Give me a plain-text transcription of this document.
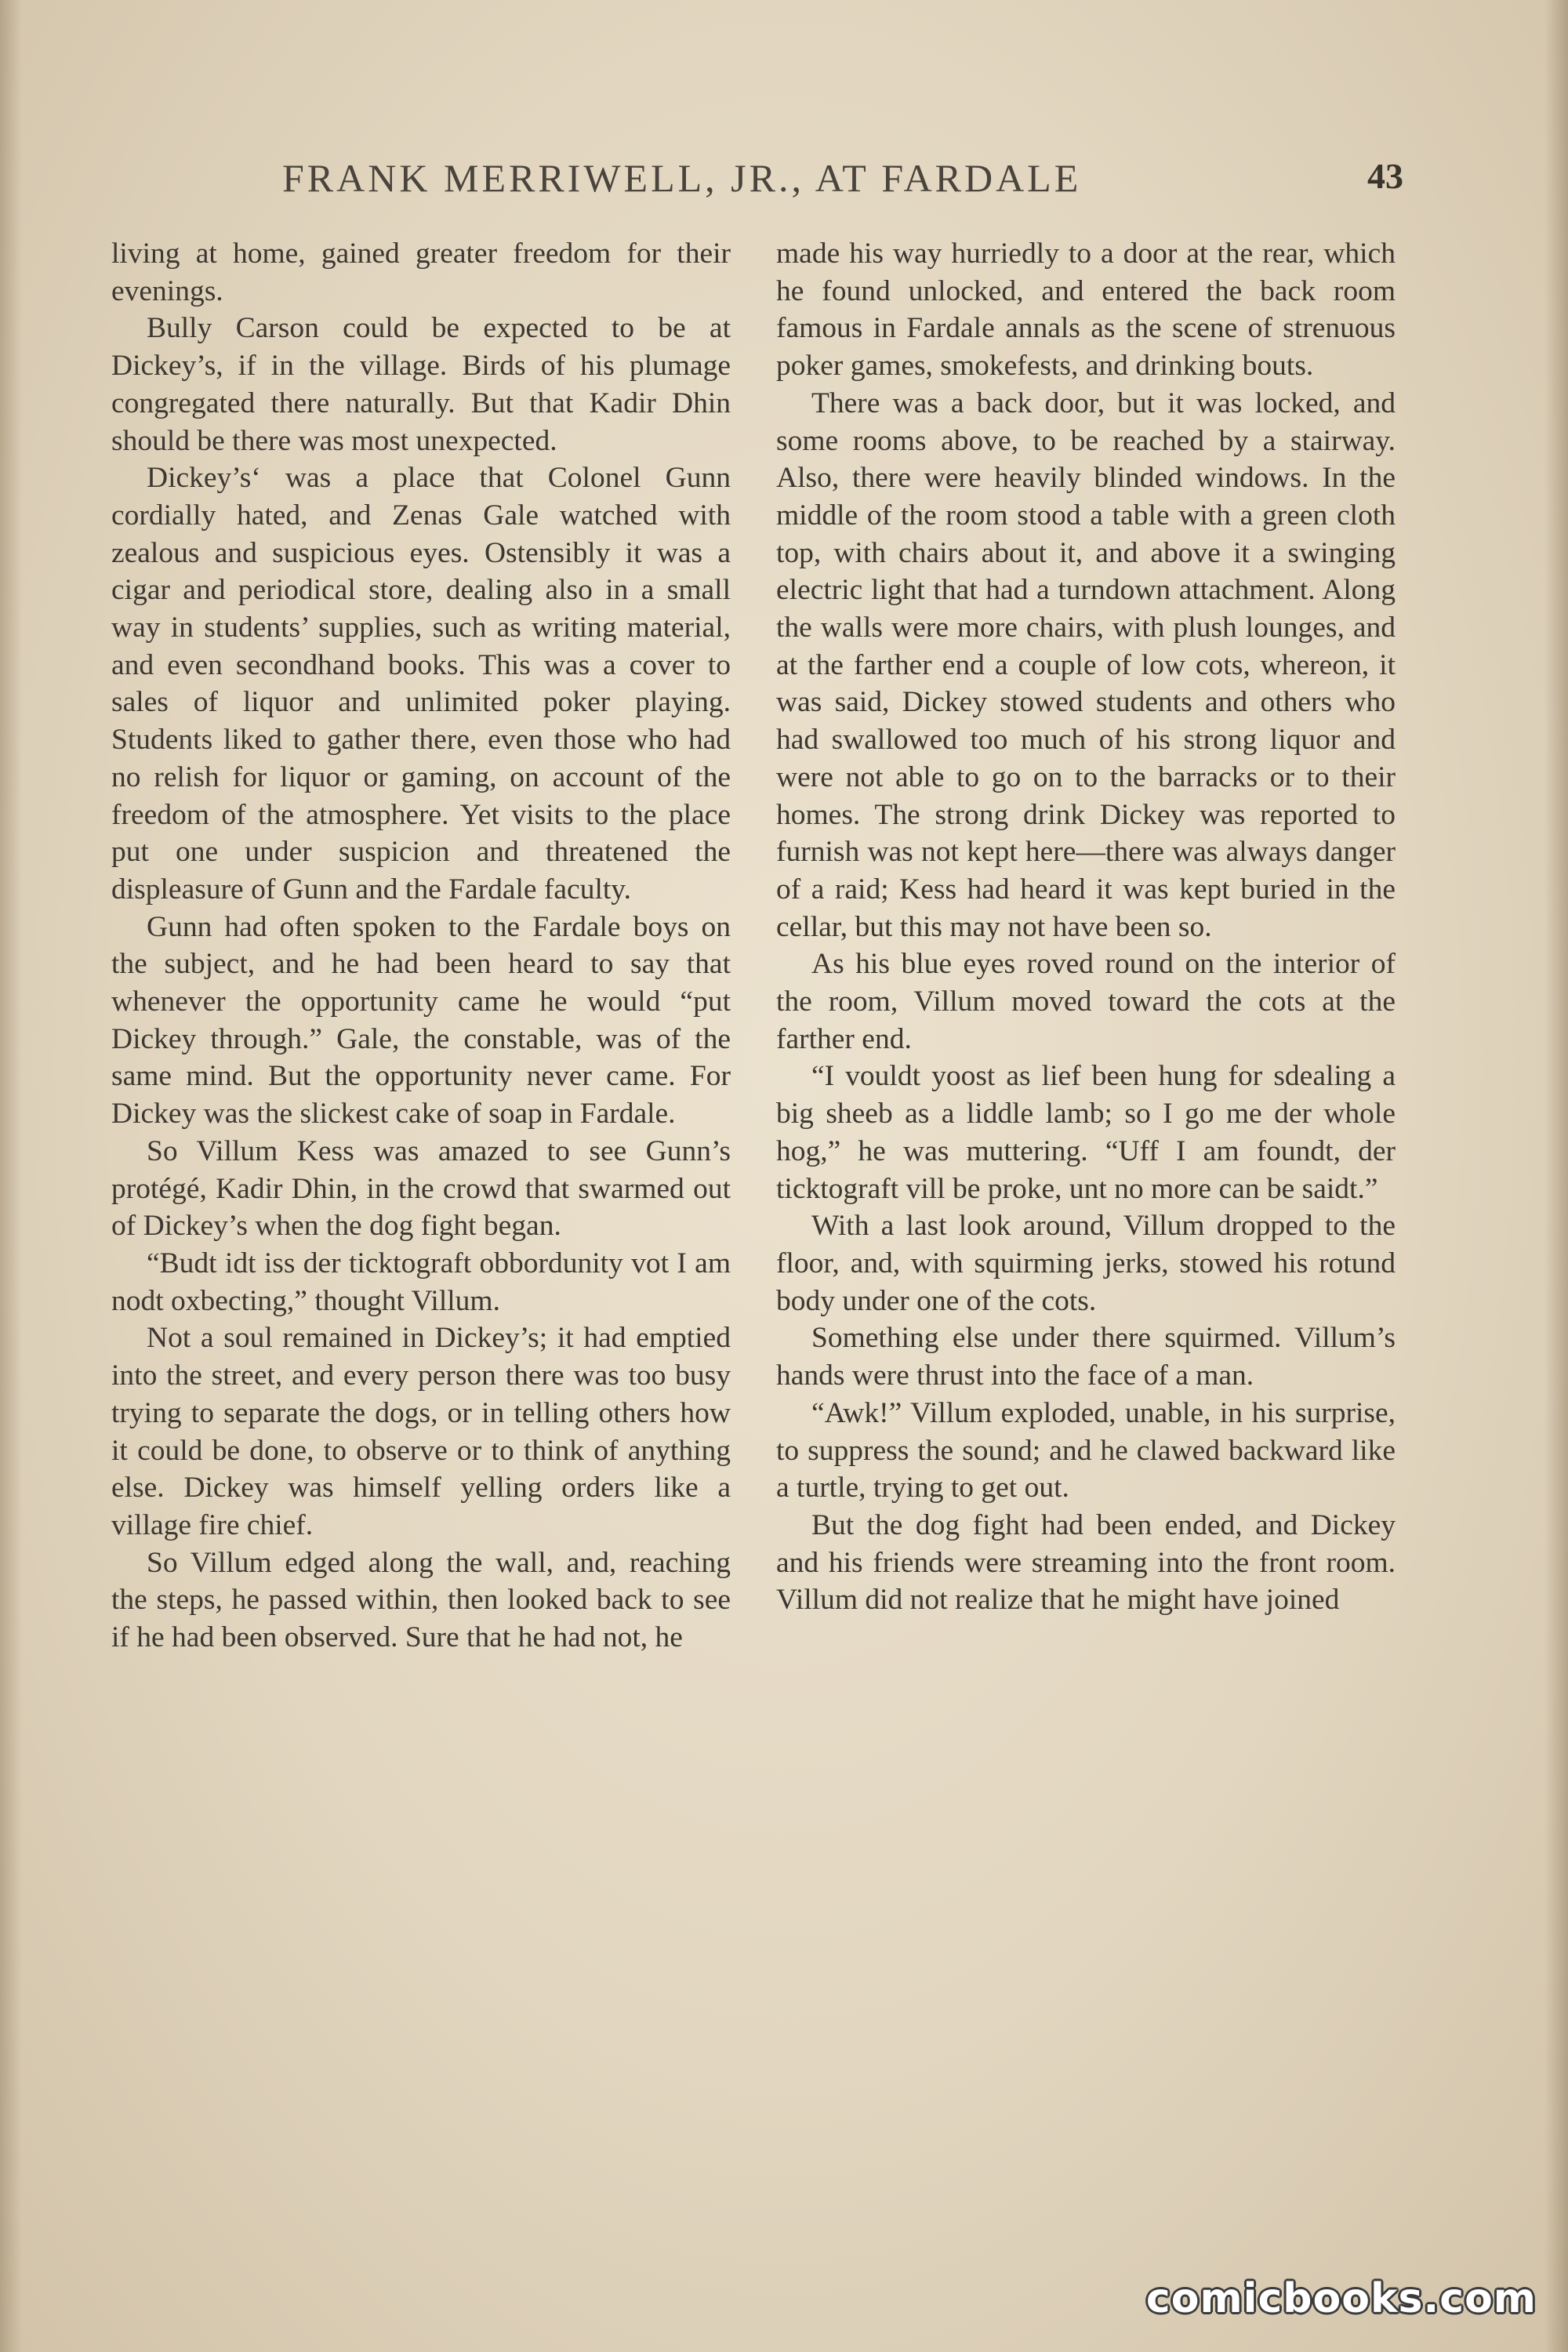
FRANK MERRIWELL, JR., AT FARDALE	43

living at home, gained greater freedom for their evenings.

Bully Carson could be expected to be at Dickey’s, if in the village. Birds of his plumage congregated there naturally. But that Kadir Dhin should be there was most unexpected.

Dickey’s‘ was a place that Colonel Gunn cordially hated, and Zenas Gale watched with zealous and suspicious eyes. Ostensibly it was a cigar and periodical store, dealing also in a small way in students’ supplies, such as writing material, and even secondhand books. This was a cover to sales of liquor and unlimited poker playing. Students liked to gather there, even those who had no relish for liquor or gaming, on account of the freedom of the atmosphere. Yet visits to the place put one under suspicion and threatened the displeasure of Gunn and the Fardale faculty.

Gunn had often spoken to the Fardale boys on the subject, and he had been heard to say that whenever the opportunity came he would “put Dickey through.” Gale, the constable, was of the same mind. But the opportunity never came. For Dickey was the slickest cake of soap in Fardale.

So Villum Kess was amazed to see Gunn’s protégé, Kadir Dhin, in the crowd that swarmed out of Dickey’s when the dog fight began.

“Budt idt iss der ticktograft obbordunity vot I am nodt oxbecting,” thought Villum.

Not a soul remained in Dickey’s; it had emptied into the street, and every person there was too busy trying to separate the dogs, or in telling others how it could be done, to observe or to think of anything else. Dickey was himself yelling orders like a village fire chief.

So Villum edged along the wall, and, reaching the steps, he passed within, then looked back to see if he had been observed. Sure that he had not, he

made his way hurriedly to a door at the rear, which he found unlocked, and entered the back room famous in Fardale annals as the scene of strenuous poker games, smokefests, and drinking bouts.

There was a back door, but it was locked, and some rooms above, to be reached by a stairway. Also, there were heavily blinded windows. In the middle of the room stood a table with a green cloth top, with chairs about it, and above it a swinging electric light that had a turndown attachment. Along the walls were more chairs, with plush lounges, and at the farther end a couple of low cots, whereon, it was said, Dickey stowed students and others who had swallowed too much of his strong liquor and were not able to go on to the barracks or to their homes. The strong drink Dickey was reported to furnish was not kept here—there was always danger of a raid; Kess had heard it was kept buried in the cellar, but this may not have been so.

As his blue eyes roved round on the interior of the room, Villum moved toward the cots at the farther end.

“I vouldt yoost as lief been hung for sdealing a big sheeb as a liddle lamb; so I go me der whole hog,” he was muttering. “Uff I am foundt, der ticktograft vill be proke, unt no more can be saidt.”

With a last look around, Villum dropped to the floor, and, with squirming jerks, stowed his rotund body under one of the cots.

Something else under there squirmed. Villum’s hands were thrust into the face of a man.

“Awk!” Villum exploded, unable, in his surprise, to suppress the sound; and he clawed backward like a turtle, trying to get out.

But the dog fight had been ended, and Dickey and his friends were streaming into the front room. Villum did not realize that he might have joined

comicbooks.com
